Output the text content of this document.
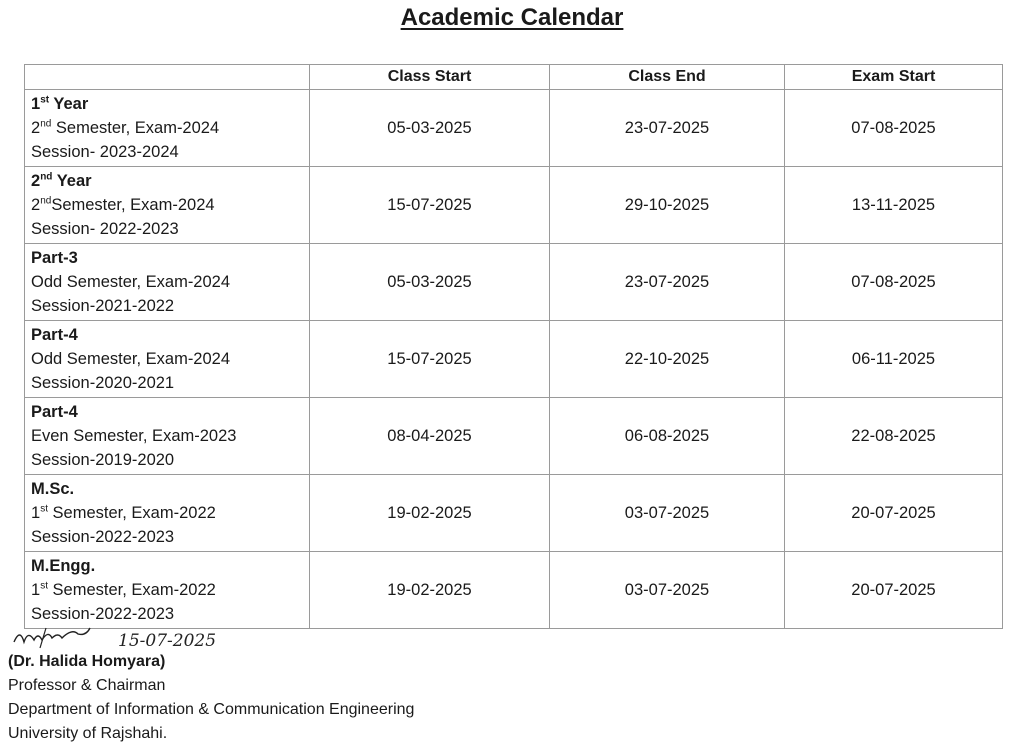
Academic Calendar
	Class Start	Class End	Exam Start

1st Year
2nd Semester, Exam-2024
Session- 2023-2024	05-03-2025	23-07-2025	07-08-2025

2nd Year
2ndSemester, Exam-2024
Session- 2022-2023	15-07-2025	29-10-2025	13-11-2025

Part-3
Odd Semester, Exam-2024
Session-2021-2022	05-03-2025	23-07-2025	07-08-2025

Part-4
Odd Semester, Exam-2024
Session-2020-2021	15-07-2025	22-10-2025	06-11-2025

Part-4
Even Semester, Exam-2023
Session-2019-2020	08-04-2025	06-08-2025	22-08-2025

M.Sc.
1st Semester, Exam-2022
Session-2022-2023	19-02-2025	03-07-2025	20-07-2025

M.Engg.
1st Semester, Exam-2022
Session-2022-2023	19-02-2025	03-07-2025	20-07-2025
15-07-2025
(Dr. Halida Homyara)
Professor & Chairman
Department of Information & Communication Engineering
University of Rajshahi.
